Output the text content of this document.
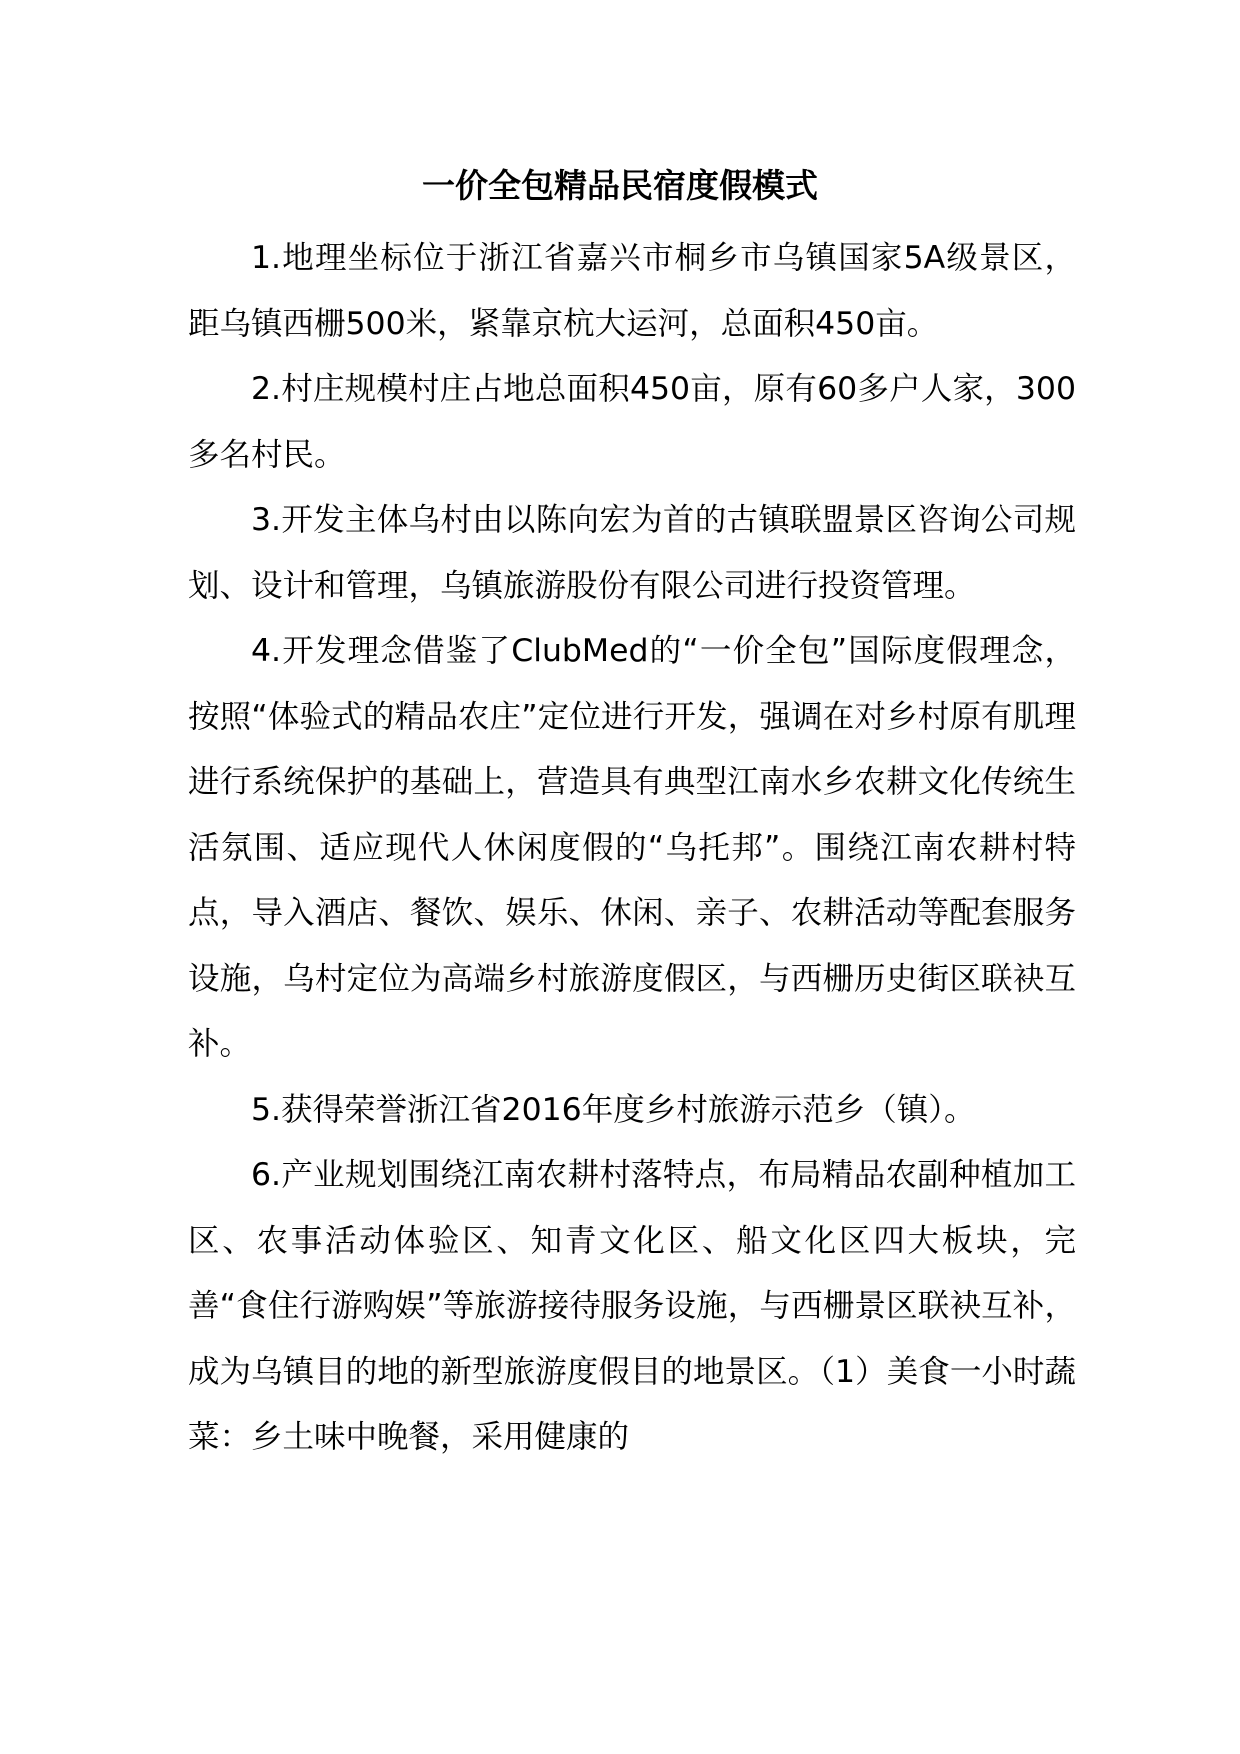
一价全包精品民宿度假模式

1.地理坐标位于浙江省嘉兴市桐乡市乌镇国家5A级景区，距乌镇西栅500米，紧靠京杭大运河，总面积450亩。

2.村庄规模村庄占地总面积450亩，原有60多户人家，300多名村民。

3.开发主体乌村由以陈向宏为首的古镇联盟景区咨询公司规划、设计和管理，乌镇旅游股份有限公司进行投资管理。

4.开发理念借鉴了ClubMed的“一价全包”国际度假理念，按照“体验式的精品农庄”定位进行开发，强调在对乡村原有肌理进行系统保护的基础上，营造具有典型江南水乡农耕文化传统生活氛围、适应现代人休闲度假的“乌托邦”。围绕江南农耕村特点，导入酒店、餐饮、娱乐、休闲、亲子、农耕活动等配套服务设施，乌村定位为高端乡村旅游度假区，与西栅历史街区联袂互补。

5.获得荣誉浙江省2016年度乡村旅游示范乡（镇）。

6.产业规划围绕江南农耕村落特点，布局精品农副种植加工区、农事活动体验区、知青文化区、船文化区四大板块，完善“食住行游购娱”等旅游接待服务设施，与西栅景区联袂互补，成为乌镇目的地的新型旅游度假目的地景区。（1）美食一小时蔬菜：乡土味中晚餐，采用健康的
